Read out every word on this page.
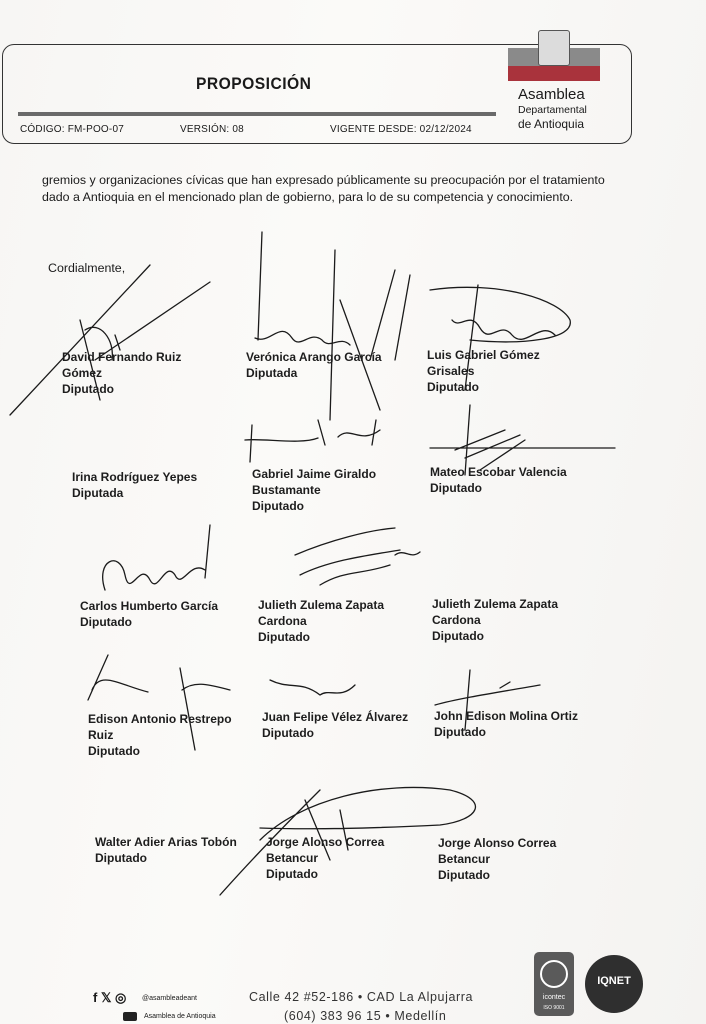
PROPOSICIÓN
CÓDIGO: FM-POO-07	VERSIÓN: 08	VIGENTE DESDE: 02/12/2024
Asamblea
Departamental
de Antioquia
gremios y organizaciones cívicas que han expresado públicamente su preocupación por el tratamiento dado a Antioquia en el mencionado plan de gobierno, para lo de su competencia y conocimiento.
Cordialmente,
David Fernando Ruiz
Gómez
Diputado
Verónica Arango García
Diputada
Luis Gabriel Gómez
Grisales
Diputado
Irina Rodríguez Yepes
Diputada
Gabriel Jaime Giraldo
Bustamante
Diputado
Mateo Escobar Valencia
Diputado
Carlos Humberto García
Diputado
Julieth Zulema Zapata
Cardona
Diputado
Julieth Zulema Zapata
Cardona
Diputado
Edison Antonio Restrepo
Ruiz
Diputado
Juan Felipe Vélez Álvarez
Diputado
John Edison Molina Ortiz
Diputado
Walter Adier Arias Tobón
Diputado
Jorge Alonso Correa
Betancur
Diputado
Jorge Alonso Correa
Betancur
Diputado
f 𝕏 ◎ @asambleadeant
Asamblea de Antioquia
Calle 42 #52-186 • CAD La Alpujarra
(604) 383 96 15 • Medellín
icontec
ISO 9001
IQNET
